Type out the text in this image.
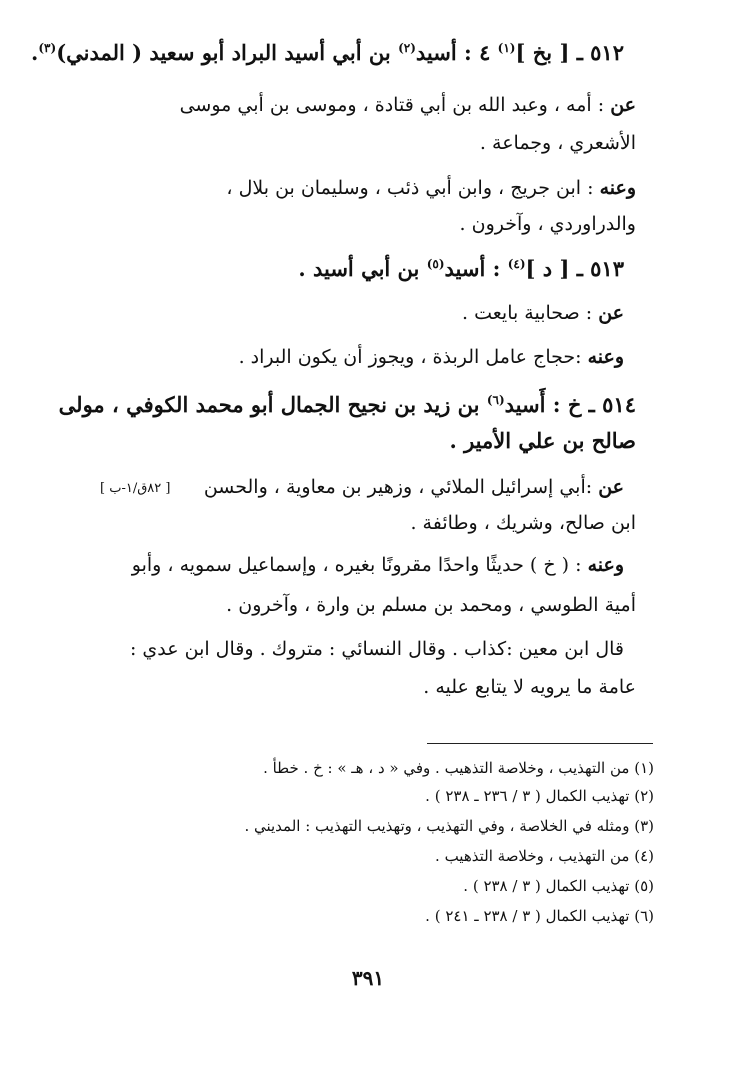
٥١٢ ـ [ بخ ]$^{(١)}$ ٤ : أسيد$^{(٢)}$ بن أبي أسيد البراد أبو سعيد ( المدني)$^{(٣)}$.
عن : أمه ، وعبد الله بن أبي قتادة ، وموسى بن أبي موسى
الأشعري ، وجماعة .
وعنه : ابن جريج ، وابن أبي ذئب ، وسليمان بن بلال ،
والدراوردي ، وآخرون .
٥١٣ ـ [ د ]$^{(٤)}$ : أسيد$^{(٥)}$ بن أبي أسيد .
عن : صحابية بايعت .
وعنه :حجاج عامل الربذة ، ويجوز أن يكون البراد .
٥١٤ ـ خ : أَسيد$^{(٦)}$ بن زيد بن نجيح الجمال أبو محمد الكوفي ، مولى
صالح بن علي الأمير .
عن :أبي إسرائيل الملائي ، وزهير بن معاوية ، والحسن
[ ٨٢ق/١-ب ]
ابن صالح، وشريك ، وطائفة .
وعنه : ( خ ) حديثًا واحدًا مقرونًا بغيره ، وإسماعيل سمويه ، وأبو
أمية الطوسي ، ومحمد بن مسلم بن وارة ، وآخرون .
قال ابن معين :كذاب . وقال النسائي : متروك . وقال ابن عدي :
عامة ما يرويه لا يتابع عليه .
(١) من التهذيب ، وخلاصة التذهيب . وفي « د ، هـ » : خ . خطأ .
(٢) تهذيب الكمال ( ٣ / ٢٣٦ ـ ٢٣٨ ) .
(٣) ومثله في الخلاصة ، وفي التهذيب ، وتهذيب التهذيب : المديني .
(٤) من التهذيب ، وخلاصة التذهيب .
(٥) تهذيب الكمال ( ٣ / ٢٣٨ ) .
(٦) تهذيب الكمال ( ٣ / ٢٣٨ ـ ٢٤١ ) .
٣٩١
